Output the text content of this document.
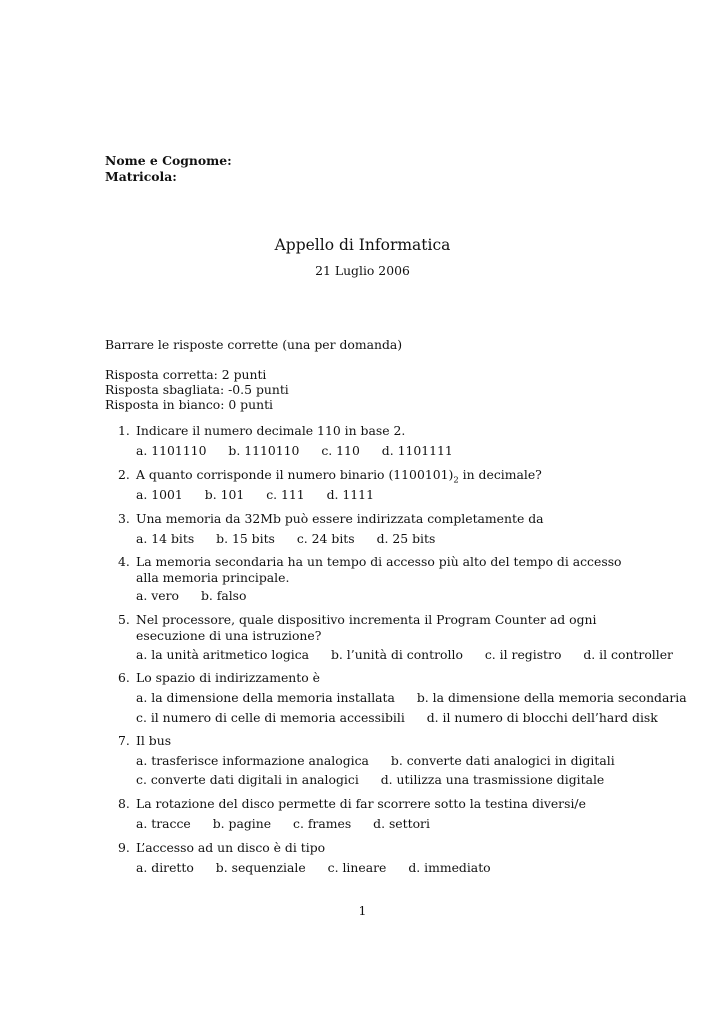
Nome e Cognome:
Matricola:
Appello di Informatica
21 Luglio 2006
Barrare le risposte corrette (una per domanda)
Risposta corretta: 2 punti
Risposta sbagliata: -0.5 punti
Risposta in bianco: 0 punti
1. Indicare il numero decimale 110 in base 2.
a. 1101110 b. 1110110 c. 110 d. 1101111
2. A quanto corrisponde il numero binario $(1100101)_2$ in decimale?
a. 1001 b. 101 c. 111 d. 1111
3. Una memoria da 32Mb può essere indirizzata completamente da
a. 14 bits b. 15 bits c. 24 bits d. 25 bits
4. La memoria secondaria ha un tempo di accesso più alto del tempo di accesso alla memoria principale.
a. vero b. falso
5. Nel processore, quale dispositivo incrementa il Program Counter ad ogni esecuzione di una istruzione?
a. la unità aritmetico logica b. l’unità di controllo c. il registro d. il controller
6. Lo spazio di indirizzamento è
a. la dimensione della memoria installata b. la dimensione della memoria secondaria
c. il numero di celle di memoria accessibili d. il numero di blocchi dell’hard disk
7. Il bus
a. trasferisce informazione analogica b. converte dati analogici in digitali
c. converte dati digitali in analogici d. utilizza una trasmissione digitale
8. La rotazione del disco permette di far scorrere sotto la testina diversi/e
a. tracce b. pagine c. frames d. settori
9. L’accesso ad un disco è di tipo
a. diretto b. sequenziale c. lineare d. immediato
1
